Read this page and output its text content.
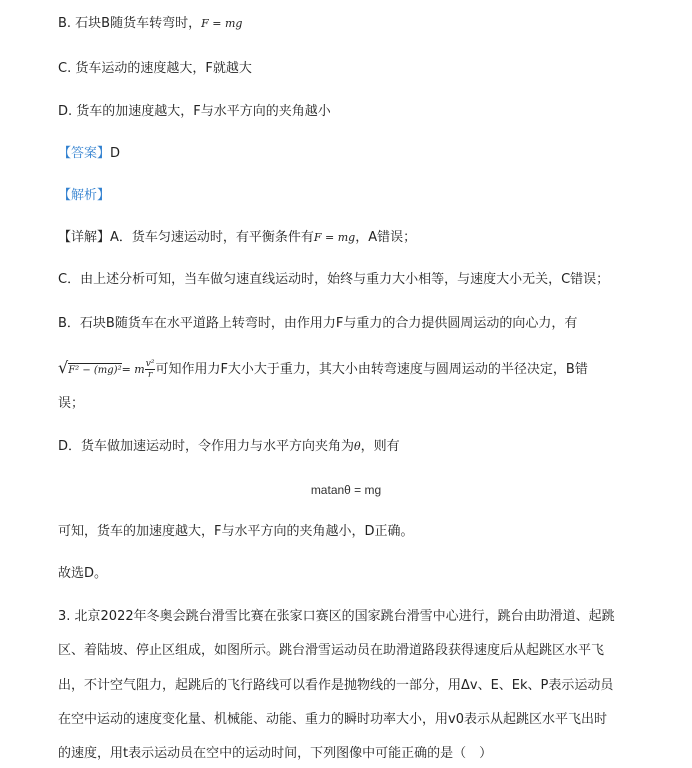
B. 石块B随货车转弯时，F = mg
C. 货车运动的速度越大，F就越大
D. 货车的加速度越大，F与水平方向的夹角越小
【答案】D
【解析】
【详解】A．货车匀速运动时，有平衡条件有F = mg，A错误；
C．由上述分析可知，当车做匀速直线运动时，始终与重力大小相等，与速度大小无关，C错误；
B．石块B随货车在水平道路上转弯时，由作用力F与重力的合力提供圆周运动的向心力，有
√F² − (mg)²= m $\frac{\text{v²}}{r}$ 可知作用力F大小大于重力，其大小由转弯速度与圆周运动的半径决定，B错
误；
D．货车做加速运动时，令作用力与水平方向夹角为θ，则有
matanθ = mg
可知，货车的加速度越大，F与水平方向的夹角越小，D正确。
故选D。
3. 北京2022年冬奥会跳台滑雪比赛在张家口赛区的国家跳台滑雪中心进行，跳台由助滑道、起跳
区、着陆坡、停止区组成，如图所示。跳台滑雪运动员在助滑道路段获得速度后从起跳区水平飞
出，不计空气阻力，起跳后的飞行路线可以看作是抛物线的一部分，用Δv、E、Ek、P表示运动员
在空中运动的速度变化量、机械能、动能、重力的瞬时功率大小，用v0表示从起跳区水平飞出时
的速度，用t表示运动员在空中的运动时间，下列图像中可能正确的是（　）
